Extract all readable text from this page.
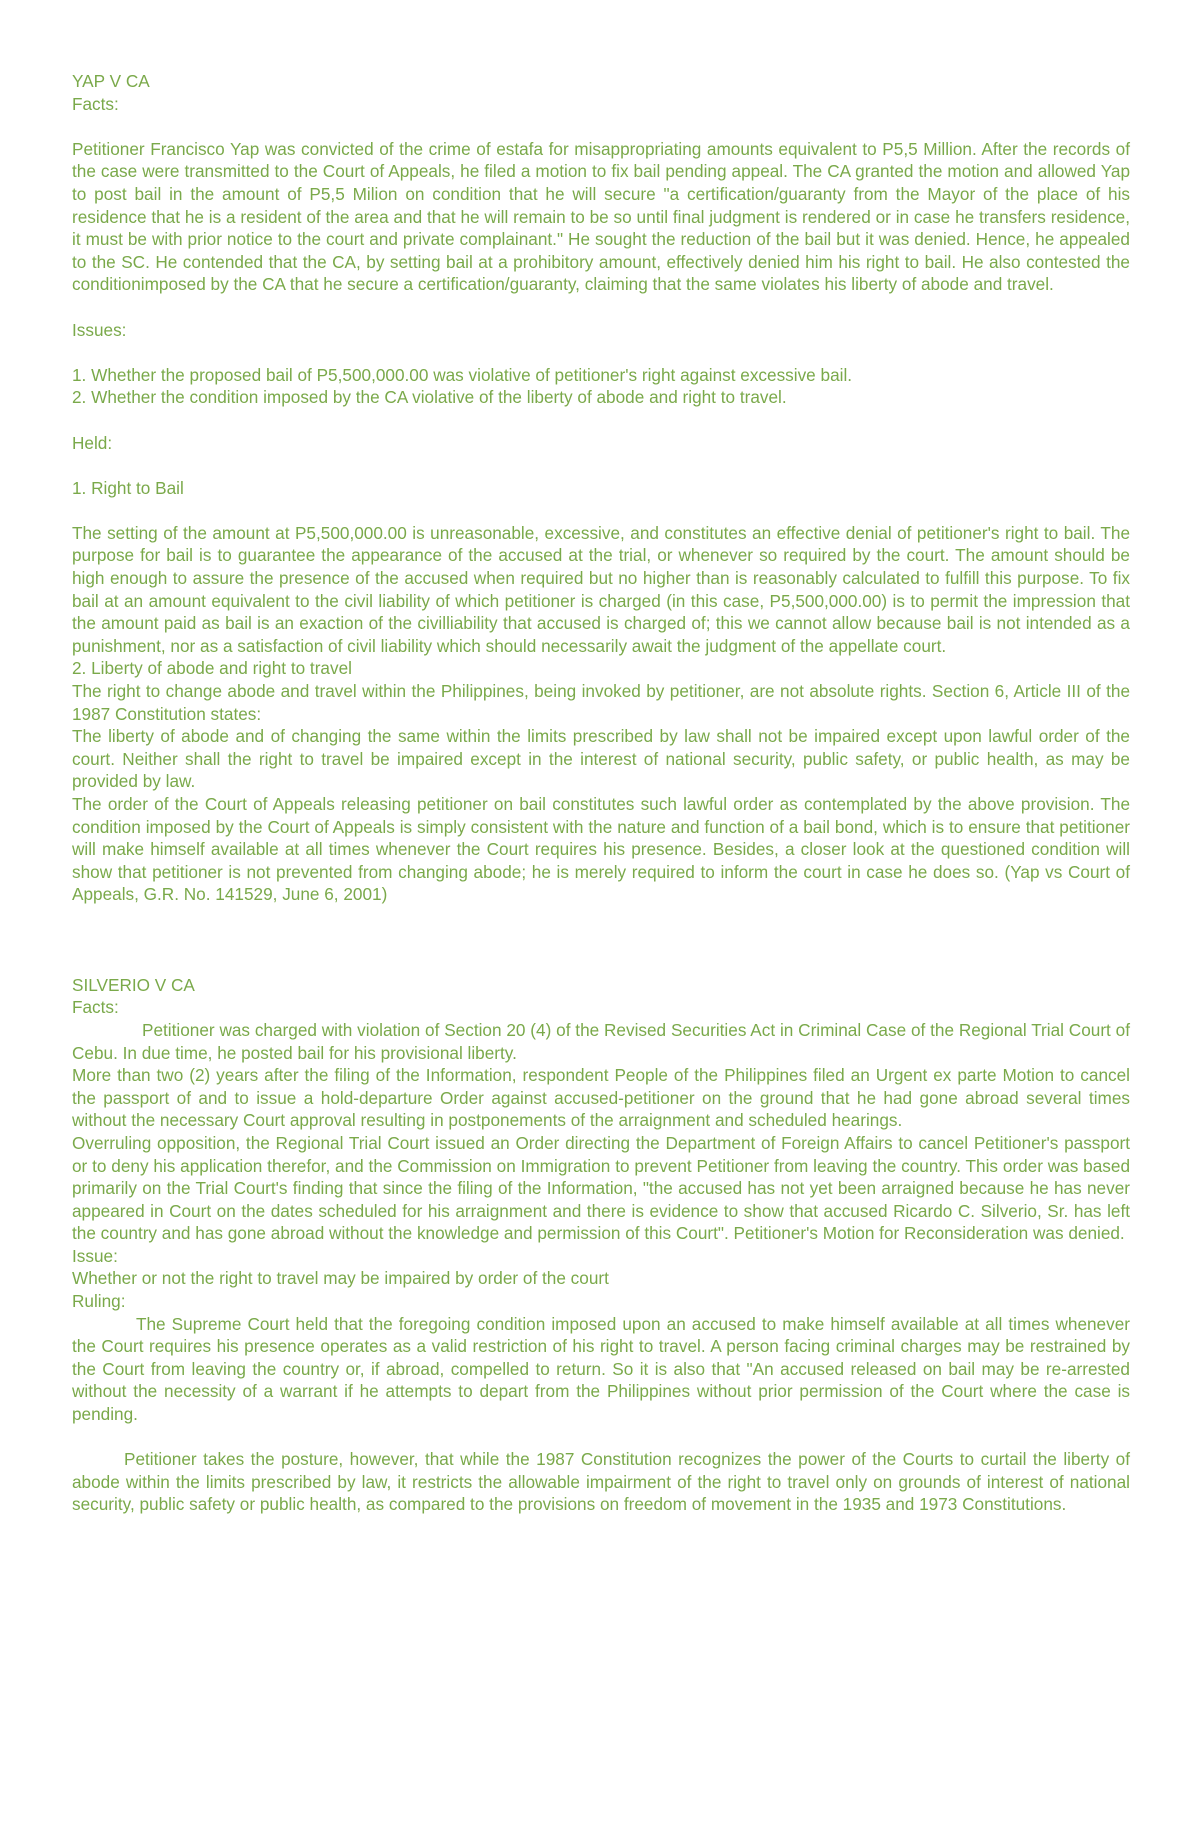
YAP V CA

Facts:

Petitioner Francisco Yap was convicted of the crime of estafa for misappropriating amounts equivalent to P5,5 Million. After the records of the case were transmitted to the Court of Appeals, he filed a motion to fix bail pending appeal. The CA granted the motion and allowed Yap to post bail in the amount of P5,5 Milion on condition that he will secure "a certification/guaranty from the Mayor of the place of his residence that he is a resident of the area and that he will remain to be so until final judgment is rendered or in case he transfers residence, it must be with prior notice to the court and private complainant." He sought the reduction of the bail but it was denied. Hence, he appealed to the SC. He contended that the CA, by setting bail at a prohibitory amount, effectively denied him his right to bail. He also contested the conditionimposed by the CA that he secure a certification/guaranty, claiming that the same violates his liberty of abode and travel.

Issues:

1. Whether the proposed bail of P5,500,000.00 was violative of petitioner's right against excessive bail.

2. Whether the condition imposed by the CA violative of the liberty of abode and right to travel.

Held:

1. Right to Bail

The setting of the amount at P5,500,000.00 is unreasonable, excessive, and constitutes an effective denial of petitioner's right to bail. The purpose for bail is to guarantee the appearance of the accused at the trial, or whenever so required by the court. The amount should be high enough to assure the presence of the accused when required but no higher than is reasonably calculated to fulfill this purpose. To fix bail at an amount equivalent to the civil liability of which petitioner is charged (in this case, P5,500,000.00) is to permit the impression that the amount paid as bail is an exaction of the civilliability that accused is charged of; this we cannot allow because bail is not intended as a punishment, nor as a satisfaction of civil liability which should necessarily await the judgment of the appellate court.

2. Liberty of abode and right to travel

The right to change abode and travel within the Philippines, being invoked by petitioner, are not absolute rights. Section 6, Article III of the 1987 Constitution states:

The liberty of abode and of changing the same within the limits prescribed by law shall not be impaired except upon lawful order of the court. Neither shall the right to travel be impaired except in the interest of national security, public safety, or public health, as may be provided by law.

The order of the Court of Appeals releasing petitioner on bail constitutes such lawful order as contemplated by the above provision. The condition imposed by the Court of Appeals is simply consistent with the nature and function of a bail bond, which is to ensure that petitioner will make himself available at all times whenever the Court requires his presence. Besides, a closer look at the questioned condition will show that petitioner is not prevented from changing abode; he is merely required to inform the court in case he does so. (Yap vs Court of Appeals, G.R. No. 141529, June 6, 2001)

SILVERIO V CA

Facts:

Petitioner was charged with violation of Section 20 (4) of the Revised Securities Act in Criminal Case of the Regional Trial Court of Cebu. In due time, he posted bail for his provisional liberty.

More than two (2) years after the filing of the Information, respondent People of the Philippines filed an Urgent ex parte Motion to cancel the passport of and to issue a hold-departure Order against accused-petitioner on the ground that he had gone abroad several times without the necessary Court approval resulting in postponements of the arraignment and scheduled hearings.

Overruling opposition, the Regional Trial Court issued an Order directing the Department of Foreign Affairs to cancel Petitioner's passport or to deny his application therefor, and the Commission on Immigration to prevent Petitioner from leaving the country. This order was based primarily on the Trial Court's finding that since the filing of the Information, "the accused has not yet been arraigned because he has never appeared in Court on the dates scheduled for his arraignment and there is evidence to show that accused Ricardo C. Silverio, Sr. has left the country and has gone abroad without the knowledge and permission of this Court". Petitioner's Motion for Reconsideration was denied.

Issue:

Whether or not the right to travel may be impaired by order of the court

Ruling:

The Supreme Court held that the foregoing condition imposed upon an accused to make himself available at all times whenever the Court requires his presence operates as a valid restriction of his right to travel. A person facing criminal charges may be restrained by the Court from leaving the country or, if abroad, compelled to return. So it is also that "An accused released on bail may be re-arrested without the necessity of a warrant if he attempts to depart from the Philippines without prior permission of the Court where the case is pending.

Petitioner takes the posture, however, that while the 1987 Constitution recognizes the power of the Courts to curtail the liberty of abode within the limits prescribed by law, it restricts the allowable impairment of the right to travel only on grounds of interest of national security, public safety or public health, as compared to the provisions on freedom of movement in the 1935 and 1973 Constitutions.
